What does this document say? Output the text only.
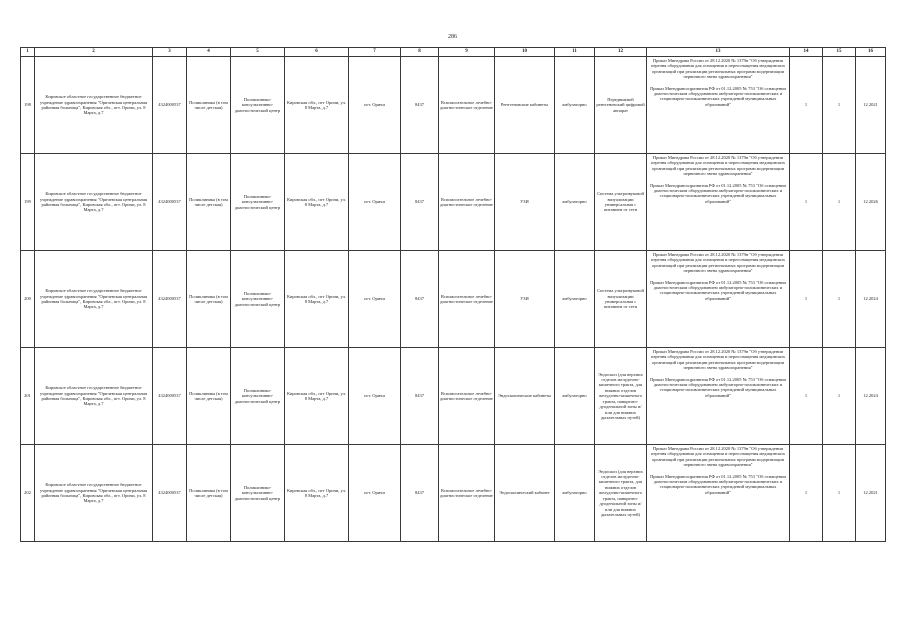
286
1	2	3	4	5	6	7	8	9	10	11	12	13	14	15	16
198	Кировское областное государственное бюджетное учреждение здравоохранения "Оричевская центральная районная больница", Кировская обл., пгт. Оричи, ул. 8 Марта, д.7	4324000537	Поликлиника (в том числе детская)	Поликлинико-консультативно-диагностический центр	Кировская обл., пгт Оричи, ул. 8 Марта, д.7	пгт. Оричи	8437	Вспомогательное лечебно-диагностическое отделение	Рентгеновские кабинеты	амбулаторно	Передвижной рентгеновский цифровой аппарат	Приказ Минздрава России от 28.12.2020 № 1379н "Об утверждении перечня оборудования для оснащения и переоснащения медицинских организаций при реализации региональных программ модернизации первичного звена здравоохранения"
Приказ Минздравсоцразвития РФ от 01.12.2005 № 753 "Об оснащении диагностическим оборудованием амбулаторно-поликлинических и стационарно-поликлинических учреждений муниципальных образований"	1	1	12.2021
199	Кировское областное государственное бюджетное учреждение здравоохранения "Оричевская центральная районная больница", Кировская обл., пгт. Оричи, ул. 8 Марта, д.7	4324000537	Поликлиника (в том числе детская)	Поликлинико-консультативно-диагностический центр	Кировская обл., пгт Оричи, ул. 8 Марта, д.7	пгт. Оричи	8437	Вспомогательное лечебно-диагностическое отделение	УЗИ	амбулаторно	Система ультразвуковой визуализации универсальная с питанием от сети	Приказ Минздрава России от 28.12.2020 № 1379н "Об утверждении перечня оборудования для оснащения и переоснащения медицинских организаций при реализации региональных программ модернизации первичного звена здравоохранения"
Приказ Минздравсоцразвития РФ от 01.12.2005 № 753 "Об оснащении диагностическим оборудованием амбулаторно-поликлинических и стационарно-поликлинических учреждений муниципальных образований"	1	1	12.2026
200	Кировское областное государственное бюджетное учреждение здравоохранения "Оричевская центральная районная больница", Кировская обл., пгт. Оричи, ул. 8 Марта, д.7	4324000537	Поликлиника (в том числе детская)	Поликлинико-консультативно-диагностический центр	Кировская обл., пгт Оричи, ул. 8 Марта, д.7	пгт. Оричи	8437	Вспомогательное лечебно-диагностическое отделение	УЗИ	амбулаторно	Система ультразвуковой визуализации универсальная с питанием от сети	Приказ Минздрава России от 28.12.2020 № 1379н "Об утверждении перечня оборудования для оснащения и переоснащения медицинских организаций при реализации региональных программ модернизации первичного звена здравоохранения"
Приказ Минздравсоцразвития РФ от 01.12.2005 № 753 "Об оснащении диагностическим оборудованием амбулаторно-поликлинических и стационарно-поликлинических учреждений муниципальных образований"	1	1	12.2024
201	Кировское областное государственное бюджетное учреждение здравоохранения "Оричевская центральная районная больница", Кировская обл., пгт. Оричи, ул. 8 Марта, д.7	4324000537	Поликлиника (в том числе детская)	Поликлинико-консультативно-диагностический центр	Кировская обл., пгт Оричи, ул. 8 Марта, д.7	пгт. Оричи	8437	Вспомогательное лечебно-диагностическое отделение	Эндоскопические кабинеты	амбулаторно	Эндоскоп (для верхних отделов желудочно-кишечного тракта, для нижних отделов желудочно-кишечного тракта, панкреато-дуоденальной зоны и/или для нижних дыхательных путей)	Приказ Минздрава России от 28.12.2020 № 1379н "Об утверждении перечня оборудования для оснащения и переоснащения медицинских организаций при реализации региональных программ модернизации первичного звена здравоохранения"
Приказ Минздравсоцразвития РФ от 01.12.2005 № 753 "Об оснащении диагностическим оборудованием амбулаторно-поликлинических и стационарно-поликлинических учреждений муниципальных образований"	1	1	12.2024
202	Кировское областное государственное бюджетное учреждение здравоохранения "Оричевская центральная районная больница", Кировская обл., пгт. Оричи, ул. 8 Марта, д.7	4324000537	Поликлиника (в том числе детская)	Поликлинико-консультативно-диагностический центр	Кировская обл., пгт Оричи, ул. 8 Марта, д.7	пгт. Оричи	8437	Вспомогательное лечебно-диагностическое отделение	Эндоскопический кабинет	амбулаторно	Эндоскоп (для верхних отделов желудочно-кишечного тракта, для нижних отделов желудочно-кишечного тракта, панкреато-дуоденальной зоны и/или для нижних дыхательных путей)	Приказ Минздрава России от 28.12.2020 № 1379н "Об утверждении перечня оборудования для оснащения и переоснащения медицинских организаций при реализации региональных программ модернизации первичного звена здравоохранения"
Приказ Минздравсоцразвития РФ от 01.12.2005 № 753 "Об оснащении диагностическим оборудованием амбулаторно-поликлинических и стационарно-поликлинических учреждений муниципальных образований"	1	1	12.2021
